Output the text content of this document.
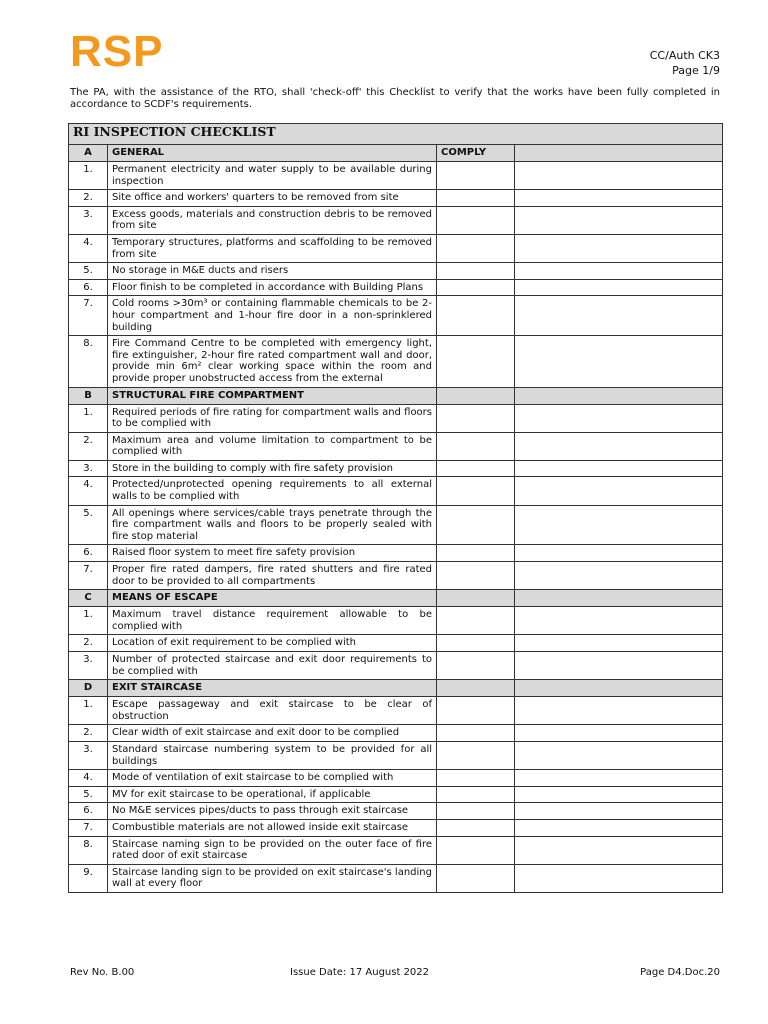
RSP	CC/Auth CK3
Page 1/9
The PA, with the assistance of the RTO, shall 'check-off' this Checklist to verify that the works have been fully completed in accordance to SCDF's requirements.
RI INSPECTION CHECKLIST			
A	GENERAL	COMPLY	
1.	Permanent electricity and water supply to be available during inspection		
2.	Site office and workers' quarters to be removed from site		
3.	Excess goods, materials and construction debris to be removed from site		
4.	Temporary structures, platforms and scaffolding to be removed from site		
5.	No storage in M&E ducts and risers		
6.	Floor finish to be completed in accordance with Building Plans		
7.	Cold rooms >30m³ or containing flammable chemicals to be 2-hour compartment and 1-hour fire door in a non-sprinklered building		
8.	Fire Command Centre to be completed with emergency light, fire extinguisher, 2-hour fire rated compartment wall and door, provide min 6m² clear working space within the room and provide proper unobstructed access from the external		
B	STRUCTURAL FIRE COMPARTMENT		
1.	Required periods of fire rating for compartment walls and floors to be complied with		
2.	Maximum area and volume limitation to compartment to be complied with		
3.	Store in the building to comply with fire safety provision		
4.	Protected/unprotected opening requirements to all external walls to be complied with		
5.	All openings where services/cable trays penetrate through the fire compartment walls and floors to be properly sealed with fire stop material		
6.	Raised floor system to meet fire safety provision		
7.	Proper fire rated dampers, fire rated shutters and fire rated door to be provided to all compartments		
C	MEANS OF ESCAPE		
1.	Maximum travel distance requirement allowable to be complied with		
2.	Location of exit requirement to be complied with		
3.	Number of protected staircase and exit door requirements to be complied with		
D	EXIT STAIRCASE		
1.	Escape passageway and exit staircase to be clear of obstruction		
2.	Clear width of exit staircase and exit door to be complied		
3.	Standard staircase numbering system to be provided for all buildings		
4.	Mode of ventilation of exit staircase to be complied with		
5.	MV for exit staircase to be operational, if applicable		
6.	No M&E services pipes/ducts to pass through exit staircase		
7.	Combustible materials are not allowed inside exit staircase		
8.	Staircase naming sign to be provided on the outer face of fire rated door of exit staircase		
9.	Staircase landing sign to be provided on exit staircase's landing wall at every floor		
Rev No. B.00	Issue Date: 17 August 2022	Page D4.Doc.20
